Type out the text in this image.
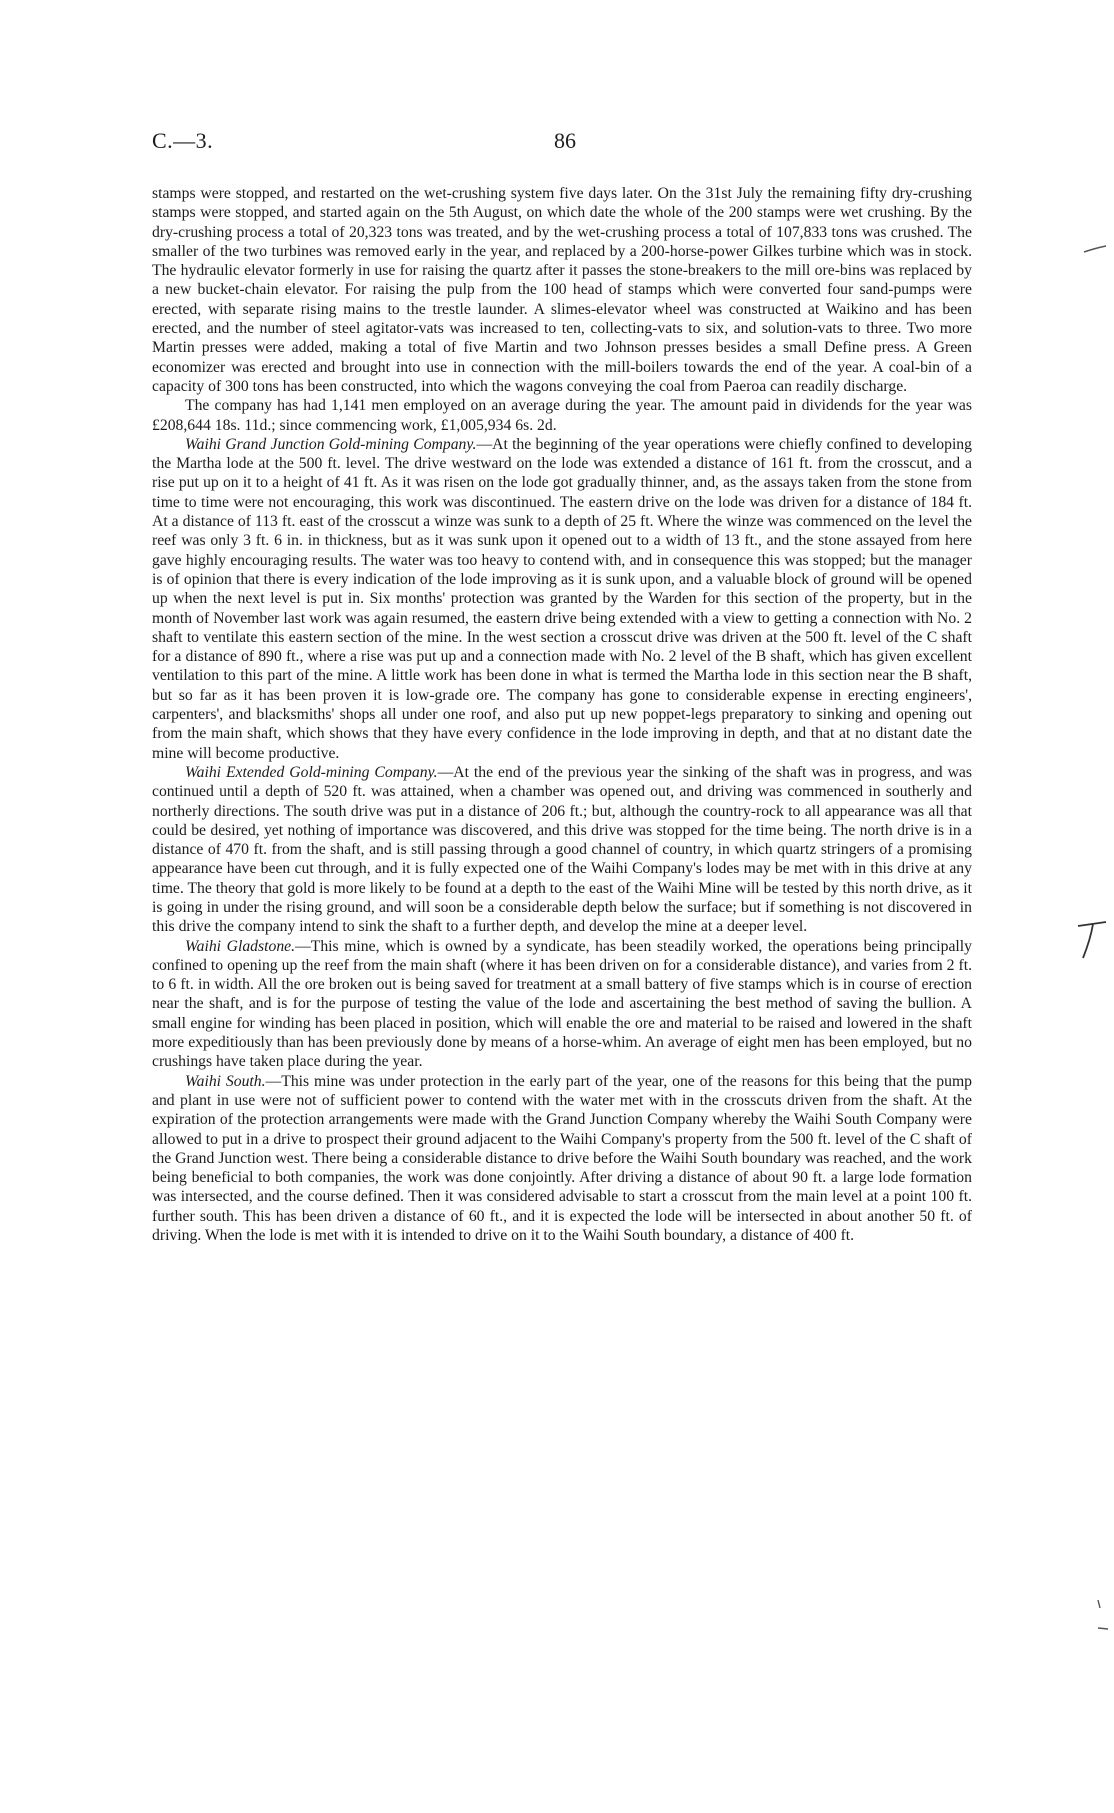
C.—3.	86

stamps were stopped, and restarted on the wet-crushing system five days later. On the 31st July the remaining fifty dry-crushing stamps were stopped, and started again on the 5th August, on which date the whole of the 200 stamps were wet crushing. By the dry-crushing process a total of 20,323 tons was treated, and by the wet-crushing process a total of 107,833 tons was crushed. The smaller of the two turbines was removed early in the year, and replaced by a 200-horse-power Gilkes turbine which was in stock. The hydraulic elevator formerly in use for raising the quartz after it passes the stone-breakers to the mill ore-bins was replaced by a new bucket-chain elevator. For raising the pulp from the 100 head of stamps which were converted four sand-pumps were erected, with separate rising mains to the trestle launder. A slimes-elevator wheel was constructed at Waikino and has been erected, and the number of steel agitator-vats was increased to ten, collecting-vats to six, and solution-vats to three. Two more Martin presses were added, making a total of five Martin and two Johnson presses besides a small Define press. A Green economizer was erected and brought into use in connection with the mill-boilers towards the end of the year. A coal-bin of a capacity of 300 tons has been constructed, into which the wagons conveying the coal from Paeroa can readily discharge.

The company has had 1,141 men employed on an average during the year. The amount paid in dividends for the year was £208,644 18s. 11d.; since commencing work, £1,005,934 6s. 2d.

Waihi Grand Junction Gold-mining Company.—At the beginning of the year operations were chiefly confined to developing the Martha lode at the 500 ft. level. The drive westward on the lode was extended a distance of 161 ft. from the crosscut, and a rise put up on it to a height of 41 ft. As it was risen on the lode got gradually thinner, and, as the assays taken from the stone from time to time were not encouraging, this work was discontinued. The eastern drive on the lode was driven for a distance of 184 ft. At a distance of 113 ft. east of the crosscut a winze was sunk to a depth of 25 ft. Where the winze was commenced on the level the reef was only 3 ft. 6 in. in thickness, but as it was sunk upon it opened out to a width of 13 ft., and the stone assayed from here gave highly encouraging results. The water was too heavy to contend with, and in consequence this was stopped; but the manager is of opinion that there is every indication of the lode improving as it is sunk upon, and a valuable block of ground will be opened up when the next level is put in. Six months' protection was granted by the Warden for this section of the property, but in the month of November last work was again resumed, the eastern drive being extended with a view to getting a connection with No. 2 shaft to ventilate this eastern section of the mine. In the west section a crosscut drive was driven at the 500 ft. level of the C shaft for a distance of 890 ft., where a rise was put up and a connection made with No. 2 level of the B shaft, which has given excellent ventilation to this part of the mine. A little work has been done in what is termed the Martha lode in this section near the B shaft, but so far as it has been proven it is low-grade ore. The company has gone to considerable expense in erecting engineers', carpenters', and blacksmiths' shops all under one roof, and also put up new poppet-legs preparatory to sinking and opening out from the main shaft, which shows that they have every confidence in the lode improving in depth, and that at no distant date the mine will become productive.

Waihi Extended Gold-mining Company.—At the end of the previous year the sinking of the shaft was in progress, and was continued until a depth of 520 ft. was attained, when a chamber was opened out, and driving was commenced in southerly and northerly directions. The south drive was put in a distance of 206 ft.; but, although the country-rock to all appearance was all that could be desired, yet nothing of importance was discovered, and this drive was stopped for the time being. The north drive is in a distance of 470 ft. from the shaft, and is still passing through a good channel of country, in which quartz stringers of a promising appearance have been cut through, and it is fully expected one of the Waihi Company's lodes may be met with in this drive at any time. The theory that gold is more likely to be found at a depth to the east of the Waihi Mine will be tested by this north drive, as it is going in under the rising ground, and will soon be a considerable depth below the surface; but if something is not discovered in this drive the company intend to sink the shaft to a further depth, and develop the mine at a deeper level.

Waihi Gladstone.—This mine, which is owned by a syndicate, has been steadily worked, the operations being principally confined to opening up the reef from the main shaft (where it has been driven on for a considerable distance), and varies from 2 ft. to 6 ft. in width. All the ore broken out is being saved for treatment at a small battery of five stamps which is in course of erection near the shaft, and is for the purpose of testing the value of the lode and ascertaining the best method of saving the bullion. A small engine for winding has been placed in position, which will enable the ore and material to be raised and lowered in the shaft more expeditiously than has been previously done by means of a horse-whim. An average of eight men has been employed, but no crushings have taken place during the year.

Waihi South.—This mine was under protection in the early part of the year, one of the reasons for this being that the pump and plant in use were not of sufficient power to contend with the water met with in the crosscuts driven from the shaft. At the expiration of the protection arrangements were made with the Grand Junction Company whereby the Waihi South Company were allowed to put in a drive to prospect their ground adjacent to the Waihi Company's property from the 500 ft. level of the C shaft of the Grand Junction west. There being a considerable distance to drive before the Waihi South boundary was reached, and the work being beneficial to both companies, the work was done conjointly. After driving a distance of about 90 ft. a large lode formation was intersected, and the course defined. Then it was considered advisable to start a crosscut from the main level at a point 100 ft. further south. This has been driven a distance of 60 ft., and it is expected the lode will be intersected in about another 50 ft. of driving. When the lode is met with it is intended to drive on it to the Waihi South boundary, a distance of 400 ft.
